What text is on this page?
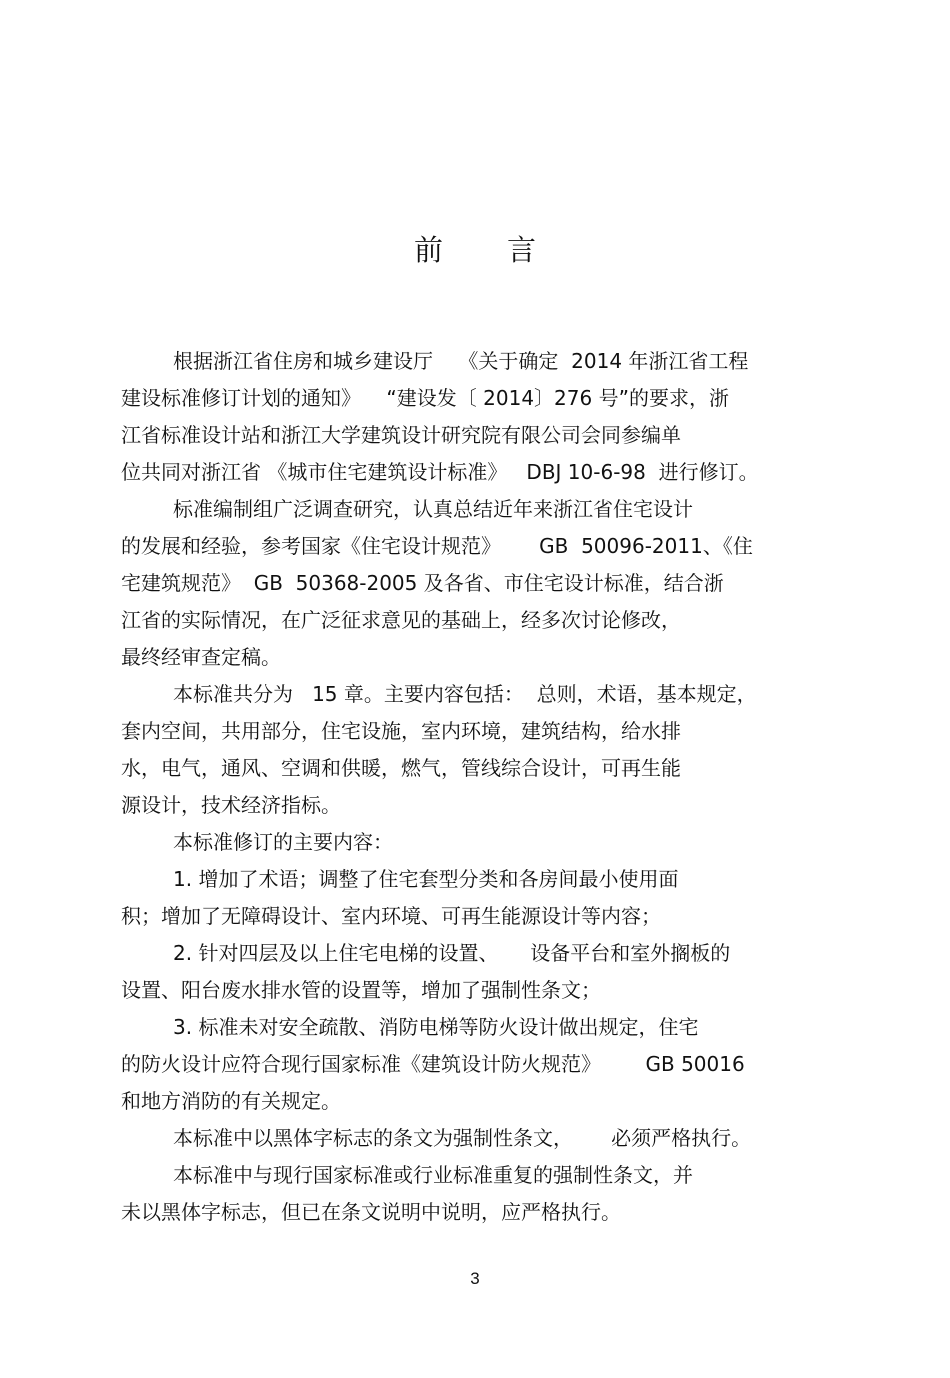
前 言
根据浙江省住房和城乡建设厅    《关于确定  2014 年浙江省工程
建设标准修订计划的通知》    “建设发〔 2014〕276 号”的要求，浙
江省标准设计站和浙江大学建筑设计研究院有限公司会同参编单
位共同对浙江省 《城市住宅建筑设计标准》   DBJ 10-6-98  进行修订。
标准编制组广泛调查研究，认真总结近年来浙江省住宅设计
的发展和经验，参考国家《住宅设计规范》      GB  50096-2011、《住
宅建筑规范》  GB  50368-2005 及各省、市住宅设计标准，结合浙
江省的实际情况，在广泛征求意见的基础上，经多次讨论修改，
最终经审查定稿。
本标准共分为   15 章。主要内容包括：  总则，术语，基本规定，
套内空间，共用部分，住宅设施，室内环境，建筑结构，给水排
水，电气，通风、空调和供暖，燃气，管线综合设计，可再生能
源设计，技术经济指标。
本标准修订的主要内容：
1. 增加了术语；调整了住宅套型分类和各房间最小使用面
积；增加了无障碍设计、室内环境、可再生能源设计等内容；
2. 针对四层及以上住宅电梯的设置、     设备平台和室外搁板的
设置、阳台废水排水管的设置等，增加了强制性条文；
3. 标准未对安全疏散、消防电梯等防火设计做出规定，住宅
的防火设计应符合现行国家标准《建筑设计防火规范》       GB 50016
和地方消防的有关规定。
本标准中以黑体字标志的条文为强制性条文，      必须严格执行。
本标准中与现行国家标准或行业标准重复的强制性条文，并
未以黑体字标志，但已在条文说明中说明，应严格执行。
3
